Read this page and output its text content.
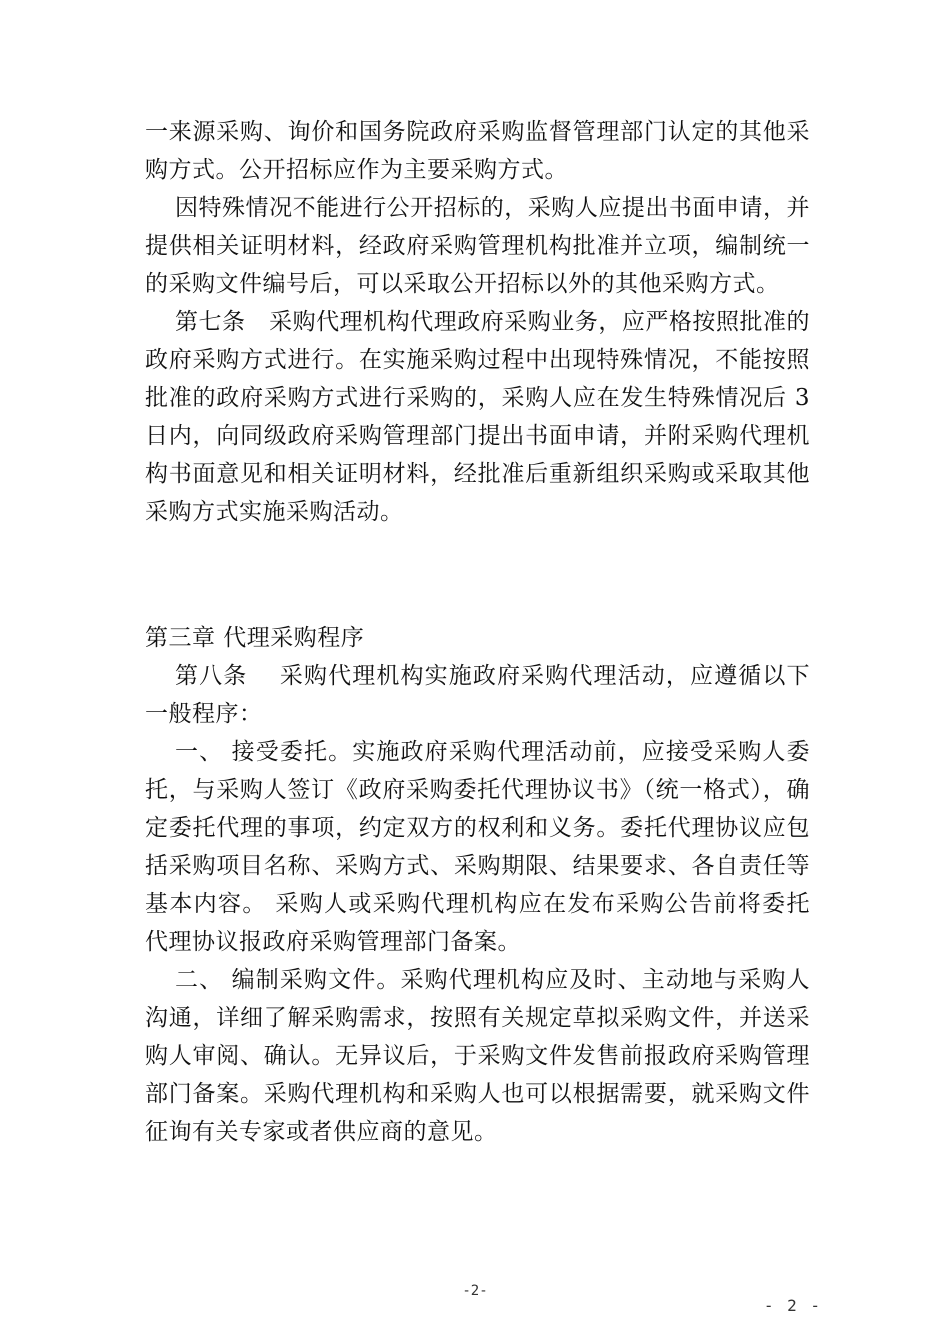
一来源采购、询价和国务院政府采购监督管理部门认定的其他采购方式。公开招标应作为主要采购方式。

因特殊情况不能进行公开招标的，采购人应提出书面申请，并提供相关证明材料，经政府采购管理机构批准并立项，编制统一的采购文件编号后，可以采取公开招标以外的其他采购方式。

第七条　采购代理机构代理政府采购业务，应严格按照批准的政府采购方式进行。在实施采购过程中出现特殊情况，不能按照批准的政府采购方式进行采购的，采购人应在发生特殊情况后 3 日内，向同级政府采购管理部门提出书面申请，并附采购代理机构书面意见和相关证明材料，经批准后重新组织采购或采取其他采购方式实施采购活动。

第三章 代理采购程序

第八条　 采购代理机构实施政府采购代理活动，应遵循以下一般程序：

一、 接受委托。实施政府采购代理活动前，应接受采购人委托，与采购人签订《政府采购委托代理协议书》（统一格式），确定委托代理的事项，约定双方的权利和义务。委托代理协议应包括采购项目名称、采购方式、采购期限、结果要求、各自责任等基本内容。 采购人或采购代理机构应在发布采购公告前将委托代理协议报政府采购管理部门备案。

二、 编制采购文件。采购代理机构应及时、主动地与采购人沟通，详细了解采购需求，按照有关规定草拟采购文件，并送采购人审阅、确认。无异议后，于采购文件发售前报政府采购管理部门备案。采购代理机构和采购人也可以根据需要，就采购文件征询有关专家或者供应商的意见。

-2-
- 2 -
